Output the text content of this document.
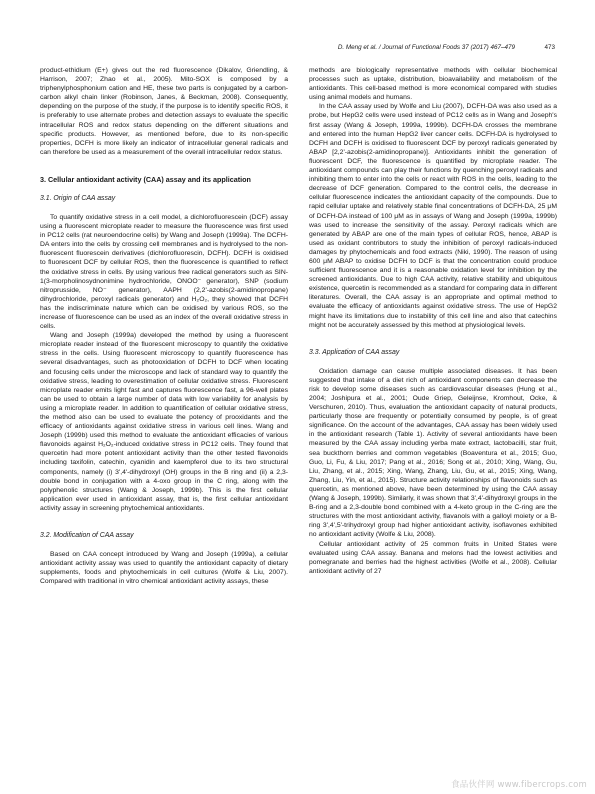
D. Meng et al. / Journal of Functional Foods 37 (2017) 467–479	473

product-ethidium (E+) gives out the red fluorescence (Dikalov, Griendling, & Harrison, 2007; Zhao et al., 2005). Mito-SOX is composed by a triphenylphosphonium cation and HE, these two parts is conjugated by a carbon-carbon alkyl chain linker (Robinson, Janes, & Beckman, 2008). Consequently, depending on the purpose of the study, if the purpose is to identify specific ROS, it is preferably to use alternate probes and detection assays to evaluate the specific intracellular ROS and redox status depending on the different situations and specific products. However, as mentioned before, due to its non-specific properties, DCFH is more likely an indicator of intracellular general radicals and can therefore be used as a measurement of the overall intracellular redox status.

3. Cellular antioxidant activity (CAA) assay and its application
3.1. Origin of CAA assay

To quantify oxidative stress in a cell model, a dichlorofluorescein (DCF) assay using a fluorescent microplate reader to measure the fluorescence was first used in PC12 cells (rat neuroendocrine cells) by Wang and Joseph (1999a). The DCFH-DA enters into the cells by crossing cell membranes and is hydrolysed to the non-fluorescent fluorescein derivatives (dichlorofluorescin, DCFH). DCFH is oxidised to fluorescent DCF by cellular ROS, then the fluorescence is quantified to reflect the oxidative stress in cells. By using various free radical generators such as SIN-1(3-morpholinosydnonimine hydrochloride, ONOO⁻ generator), SNP (sodium nitroprusside, NO⁻ generator), AAPH (2,2'-azobis(2-amidinopropane) dihydrochloride, peroxyl radicals generator) and H₂O₂, they showed that DCFH has the indiscriminate nature which can be oxidised by various ROS, so the increase of fluorescence can be used as an index of the overall oxidative stress in cells.

Wang and Joseph (1999a) developed the method by using a fluorescent microplate reader instead of the fluorescent microscopy to quantify the oxidative stress in the cells. Using fluorescent microscopy to quantify fluorescence has several disadvantages, such as photooxidation of DCFH to DCF when locating and focusing cells under the microscope and lack of standard way to quantify the oxidative stress, leading to overestimation of cellular oxidative stress. Fluorescent microplate reader emits light fast and captures fluorescence fast, a 96-well plates can be used to obtain a large number of data with low variability for analysis by using a microplate reader. In addition to quantification of cellular oxidative stress, the method also can be used to evaluate the potency of prooxidants and the efficacy of antioxidants against oxidative stress in various cell lines. Wang and Joseph (1999b) used this method to evaluate the antioxidant efficacies of various flavonoids against H₂O₂-induced oxidative stress in PC12 cells. They found that quercetin had more potent antioxidant activity than the other tested flavonoids including taxifolin, catechin, cyanidin and kaempferol due to its two structural components, namely (i) 3',4'-dihydroxyl (OH) groups in the B ring and (ii) a 2,3-double bond in conjugation with a 4-oxo group in the C ring, along with the polyphenolic structures (Wang & Joseph, 1999b). This is the first cellular application ever used in antioxidant assay, that is, the first cellular antioxidant activity assay in screening phytochemical antioxidants.

3.2. Modification of CAA assay

Based on CAA concept introduced by Wang and Joseph (1999a), a cellular antioxidant activity assay was used to quantify the antioxidant capacity of dietary supplements, foods and phytochemicals in cell cultures (Wolfe & Liu, 2007). Compared with traditional in vitro chemical antioxidant activity assays, these

methods are biologically representative methods with cellular biochemical processes such as uptake, distribution, bioavailability and metabolism of the antioxidants. This cell-based method is more economical compared with studies using animal models and humans.

In the CAA assay used by Wolfe and Liu (2007), DCFH-DA was also used as a probe, but HepG2 cells were used instead of PC12 cells as in Wang and Joseph's first assay (Wang & Joseph, 1999a, 1999b). DCFH-DA crosses the membrane and entered into the human HepG2 liver cancer cells. DCFH-DA is hydrolysed to DCFH and DCFH is oxidised to fluorescent DCF by peroxyl radicals generated by ABAP [2,2'-azobis(2-amidinopropane)]. Antioxidants inhibit the generation of fluorescent DCF, the fluorescence is quantified by microplate reader. The antioxidant compounds can play their functions by quenching peroxyl radicals and inhibiting them to enter into the cells or react with ROS in the cells, leading to the decrease of DCF generation. Compared to the control cells, the decrease in cellular fluorescence indicates the antioxidant capacity of the compounds. Due to rapid cellular uptake and relatively stable final concentrations of DCFH-DA, 25 μM of DCFH-DA instead of 100 μM as in assays of Wang and Joseph (1999a, 1999b) was used to increase the sensitivity of the assay. Peroxyl radicals which are generated by ABAP are one of the main types of cellular ROS, hence, ABAP is used as oxidant contributors to study the inhibition of peroxyl radicals-induced damages by phytochemicals and food extracts (Niki, 1990). The reason of using 600 μM ABAP to oxidise DCFH to DCF is that the concentration could produce sufficient fluorescence and it is a reasonable oxidation level for inhibition by the screened antioxidants. Due to high CAA activity, relative stability and ubiquitous existence, quercetin is recommended as a standard for comparing data in different literatures. Overall, the CAA assay is an appropriate and optimal method to evaluate the efficacy of antioxidants against oxidative stress. The use of HepG2 might have its limitations due to instability of this cell line and also that catechins might not be accurately assessed by this method at physiological levels.

3.3. Application of CAA assay

Oxidation damage can cause multiple associated diseases. It has been suggested that intake of a diet rich of antioxidant components can decrease the risk to develop some diseases such as cardiovascular diseases (Hung et al., 2004; Joshipura et al., 2001; Oude Griep, Geleijnse, Kromhout, Ocke, & Verschuren, 2010). Thus, evaluation the antioxidant capacity of natural products, particularly those are frequently or potentially consumed by people, is of great significance. On the account of the advantages, CAA assay has been widely used in the antioxidant research (Table 1). Activity of several antioxidants have been measured by the CAA assay including yerba mate extract, lactobacilli, star fruit, sea buckthorn berries and common vegetables (Boaventura et al., 2015; Guo, Guo, Li, Fu, & Liu, 2017; Pang et al., 2016; Song et al., 2010; Xing, Wang, Gu, Liu, Zhang, et al., 2015; Xing, Wang, Zhang, Liu, Gu, et al., 2015; Xing, Wang, Zhang, Liu, Yin, et al., 2015). Structure activity relationships of flavonoids such as quercetin, as mentioned above, have been determined by using the CAA assay (Wang & Joseph, 1999b). Similarly, it was shown that 3',4'-dihydroxyl groups in the B-ring and a 2,3-double bond combined with a 4-keto group in the C-ring are the structures with the most antioxidant activity, flavanols with a galloyl moiety or a B-ring 3',4',5'-trihydroxyl group had higher antioxidant activity, isoflavones exhibited no antioxidant activity (Wolfe & Liu, 2008).

Cellular antioxidant activity of 25 common fruits in United States were evaluated using CAA assay. Banana and melons had the lowest activities and pomegranate and berries had the highest activities (Wolfe et al., 2008). Cellular antioxidant activity of 27

食品伙伴网 www.fibercrops.com
